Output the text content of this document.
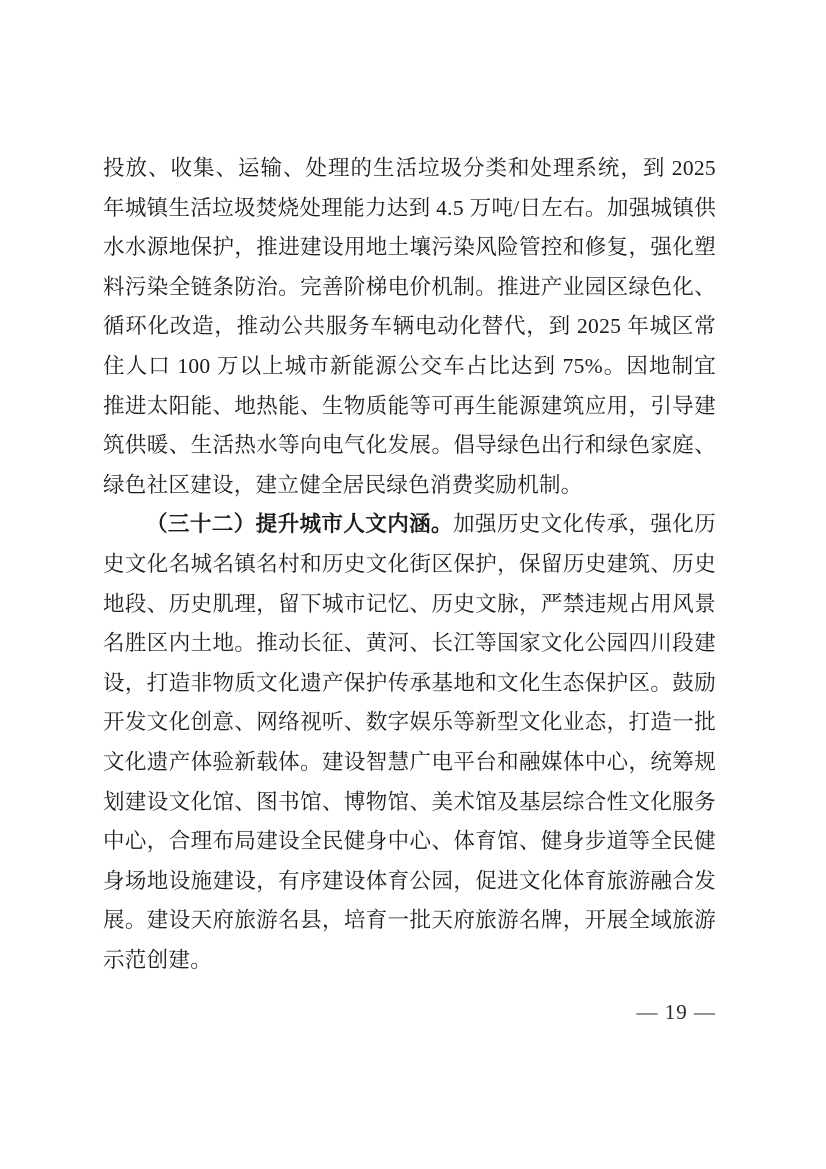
投放、收集、运输、处理的生活垃圾分类和处理系统，到 2025 年城镇生活垃圾焚烧处理能力达到 4.5 万吨/日左右。加强城镇供水水源地保护，推进建设用地土壤污染风险管控和修复，强化塑料污染全链条防治。完善阶梯电价机制。推进产业园区绿色化、循环化改造，推动公共服务车辆电动化替代，到 2025 年城区常住人口 100 万以上城市新能源公交车占比达到 75%。因地制宜推进太阳能、地热能、生物质能等可再生能源建筑应用，引导建筑供暖、生活热水等向电气化发展。倡导绿色出行和绿色家庭、绿色社区建设，建立健全居民绿色消费奖励机制。

（三十二）提升城市人文内涵。加强历史文化传承，强化历史文化名城名镇名村和历史文化街区保护，保留历史建筑、历史地段、历史肌理，留下城市记忆、历史文脉，严禁违规占用风景名胜区内土地。推动长征、黄河、长江等国家文化公园四川段建设，打造非物质文化遗产保护传承基地和文化生态保护区。鼓励开发文化创意、网络视听、数字娱乐等新型文化业态，打造一批文化遗产体验新载体。建设智慧广电平台和融媒体中心，统筹规划建设文化馆、图书馆、博物馆、美术馆及基层综合性文化服务中心，合理布局建设全民健身中心、体育馆、健身步道等全民健身场地设施建设，有序建设体育公园，促进文化体育旅游融合发展。建设天府旅游名县，培育一批天府旅游名牌，开展全域旅游示范创建。

— 19 —
